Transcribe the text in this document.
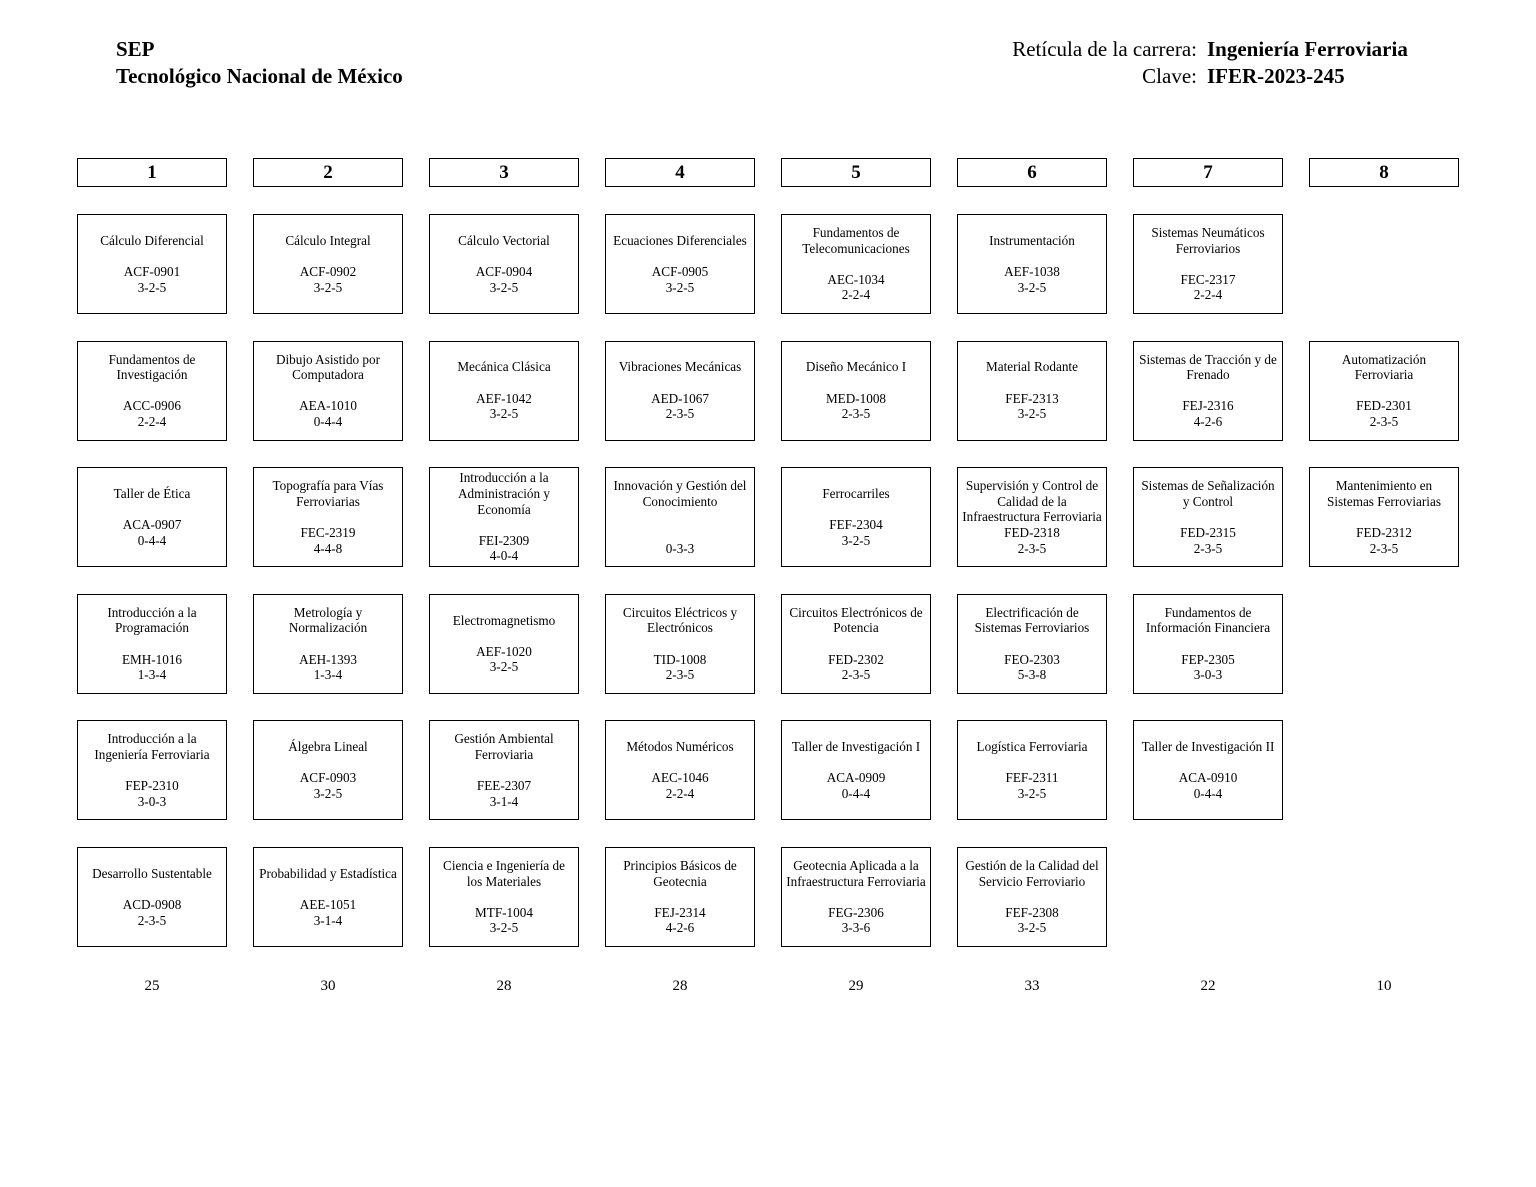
SEP
Tecnológico Nacional de México
Retícula de la carrera: Ingeniería Ferroviaria
Clave: IFER-2023-245
1
Cálculo Diferencial
ACF-0901
3-2-5
Fundamentos de Investigación
ACC-0906
2-2-4
Taller de Ética
ACA-0907
0-4-4
Introducción a la Programación
EMH-1016
1-3-4
Introducción a la Ingeniería Ferroviaria
FEP-2310
3-0-3
Desarrollo Sustentable
ACD-0908
2-3-5
25
2
Cálculo Integral
ACF-0902
3-2-5
Dibujo Asistido por Computadora
AEA-1010
0-4-4
Topografía para Vías Ferroviarias
FEC-2319
4-4-8
Metrología y Normalización
AEH-1393
1-3-4
Álgebra Lineal
ACF-0903
3-2-5
Probabilidad y Estadística
AEE-1051
3-1-4
30
3
Cálculo Vectorial
ACF-0904
3-2-5
Mecánica Clásica
AEF-1042
3-2-5
Introducción a la Administración y Economía
FEI-2309
4-0-4
Electromagnetismo
AEF-1020
3-2-5
Gestión Ambiental Ferroviaria
FEE-2307
3-1-4
Ciencia e Ingeniería de los Materiales
MTF-1004
3-2-5
28
4
Ecuaciones Diferenciales
ACF-0905
3-2-5
Vibraciones Mecánicas
AED-1067
2-3-5
Innovación y Gestión del Conocimiento
0-3-3
Circuitos Eléctricos y Electrónicos
TID-1008
2-3-5
Métodos Numéricos
AEC-1046
2-2-4
Principios Básicos de Geotecnia
FEJ-2314
4-2-6
28
5
Fundamentos de Telecomunicaciones
AEC-1034
2-2-4
Diseño Mecánico I
MED-1008
2-3-5
Ferrocarriles
FEF-2304
3-2-5
Circuitos Electrónicos de Potencia
FED-2302
2-3-5
Taller de Investigación I
ACA-0909
0-4-4
Geotecnia Aplicada a la Infraestructura Ferroviaria
FEG-2306
3-3-6
29
6
Instrumentación
AEF-1038
3-2-5
Material Rodante
FEF-2313
3-2-5
Supervisión y Control de Calidad de la Infraestructura Ferroviaria
FED-2318
2-3-5
Electrificación de Sistemas Ferroviarios
FEO-2303
5-3-8
Logística Ferroviaria
FEF-2311
3-2-5
Gestión de la Calidad del Servicio Ferroviario
FEF-2308
3-2-5
33
7
Sistemas Neumáticos Ferroviarios
FEC-2317
2-2-4
Sistemas de Tracción y de Frenado
FEJ-2316
4-2-6
Sistemas de Señalización y Control
FED-2315
2-3-5
Fundamentos de Información Financiera
FEP-2305
3-0-3
Taller de Investigación II
ACA-0910
0-4-4
22
8
Automatización Ferroviaria
FED-2301
2-3-5
Mantenimiento en Sistemas Ferroviarias
FED-2312
2-3-5
10
